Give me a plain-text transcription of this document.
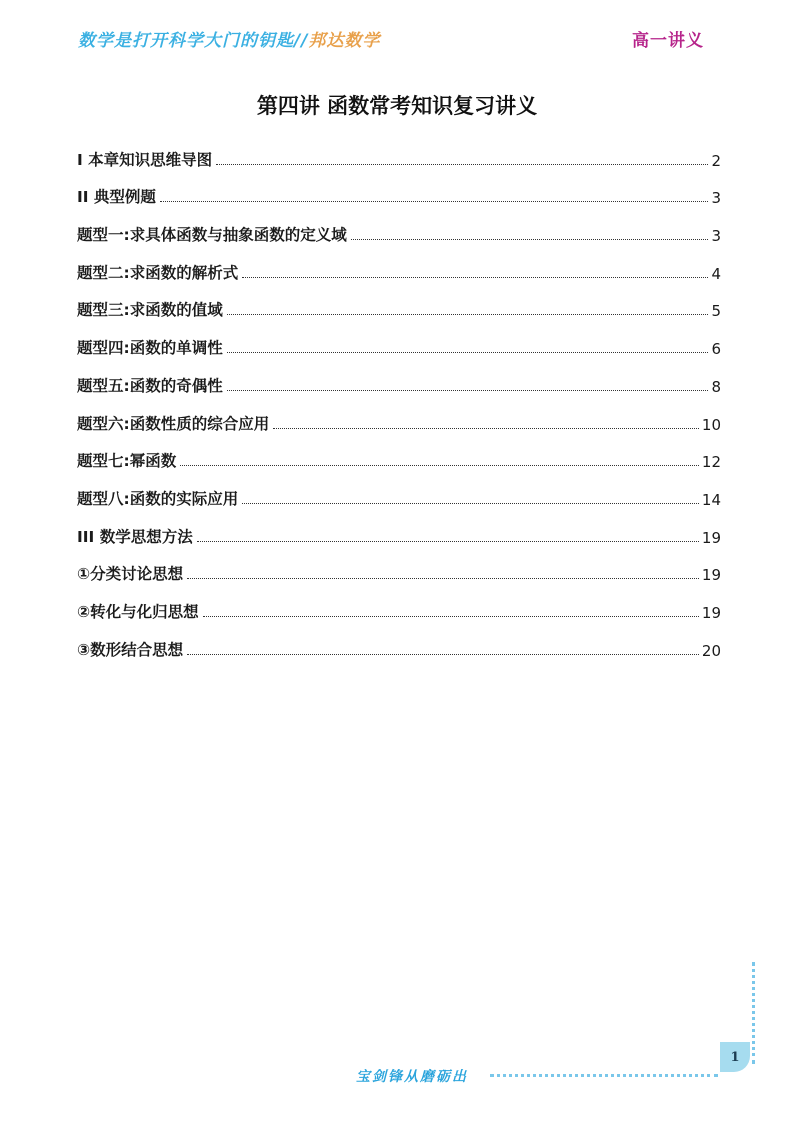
数学是打开科学大门的钥匙//邦达数学	高一讲义
第四讲 函数常考知识复习讲义
I 本章知识思维导图	2
II 典型例题	3
题型一:求具体函数与抽象函数的定义域	3
题型二:求函数的解析式	4
题型三:求函数的值域	5
题型四:函数的单调性	6
题型五:函数的奇偶性	8
题型六:函数性质的综合应用	10
题型七:幂函数	12
题型八:函数的实际应用	14
III 数学思想方法	19
①分类讨论思想	19
②转化与化归思想	19
③数形结合思想	20
1
宝剑锋从磨砺出
